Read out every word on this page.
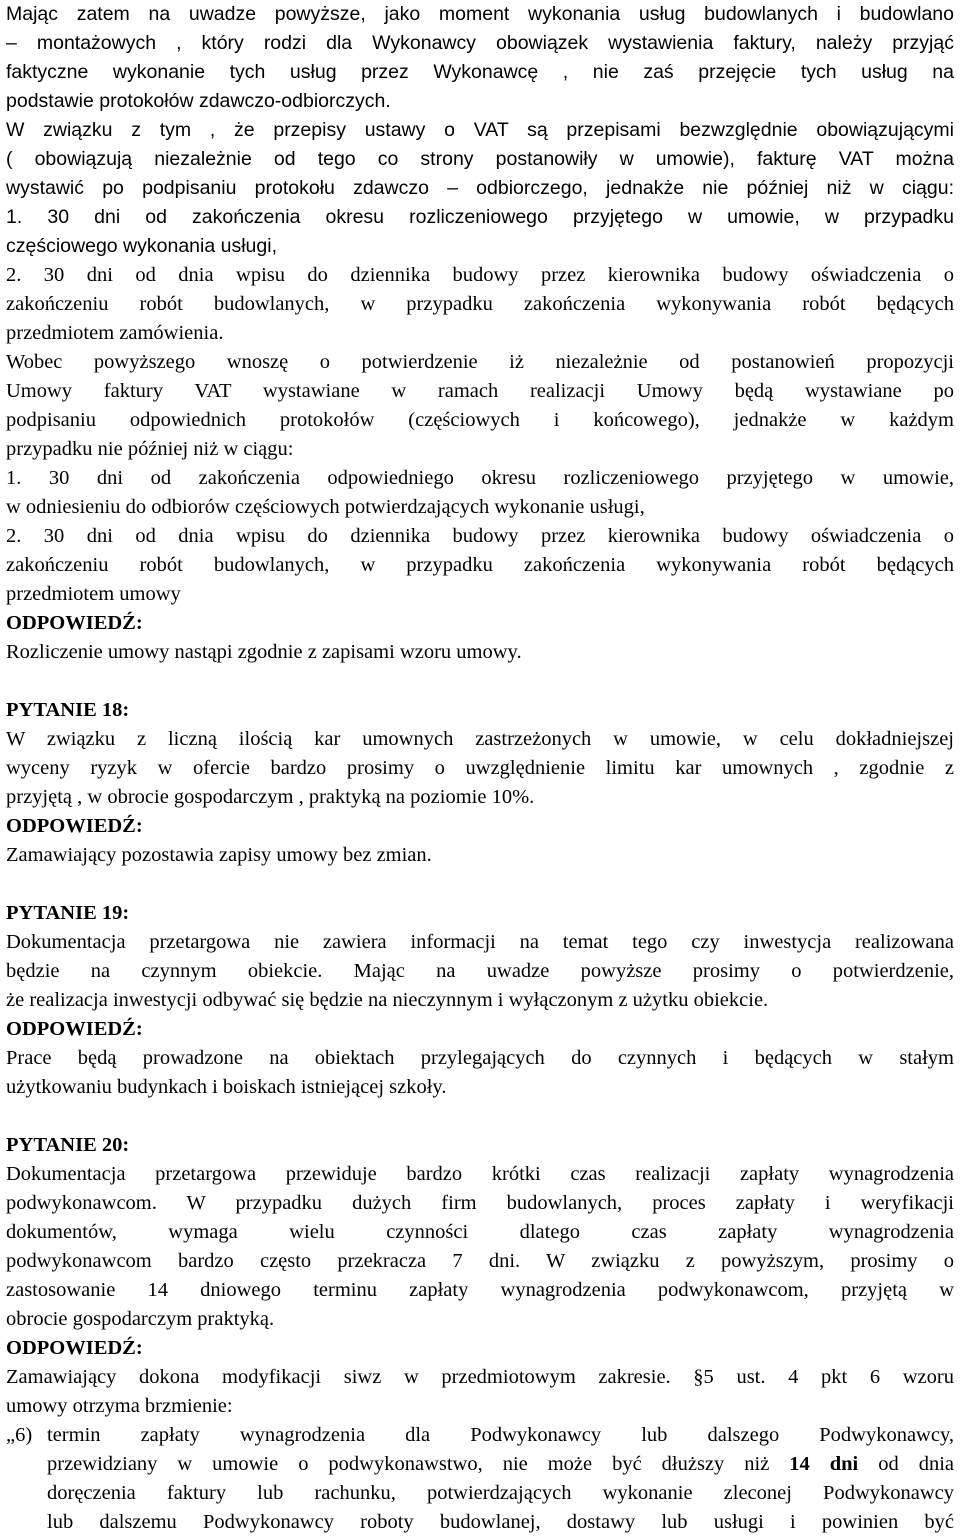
Mając zatem na uwadze powyższe, jako moment wykonania usług budowlanych i budowlano
– montażowych , który rodzi dla Wykonawcy obowiązek wystawienia faktury, należy przyjąć
faktyczne wykonanie tych usług przez Wykonawcę , nie zaś przejęcie tych usług na
podstawie protokołów zdawczo-odbiorczych.
W związku z tym , że przepisy ustawy o VAT są przepisami bezwzględnie obowiązującymi
( obowiązują niezależnie od tego co strony postanowiły w umowie), fakturę VAT można
wystawić po podpisaniu protokołu zdawczo – odbiorczego, jednakże nie później niż w ciągu:
1. 30 dni od zakończenia okresu rozliczeniowego przyjętego w umowie, w przypadku
częściowego wykonania usługi,
2. 30 dni od dnia wpisu do dziennika budowy przez kierownika budowy oświadczenia o
zakończeniu robót budowlanych, w przypadku zakończenia wykonywania robót będących
przedmiotem zamówienia.
Wobec powyższego wnoszę o potwierdzenie iż niezależnie od postanowień propozycji
Umowy faktury VAT wystawiane w ramach realizacji Umowy będą wystawiane po
podpisaniu odpowiednich protokołów (częściowych i końcowego), jednakże w każdym
przypadku nie później niż w ciągu:
1. 30 dni od zakończenia odpowiedniego okresu rozliczeniowego przyjętego w umowie,
w odniesieniu do odbiorów częściowych potwierdzających wykonanie usługi,
2. 30 dni od dnia wpisu do dziennika budowy przez kierownika budowy oświadczenia o
zakończeniu robót budowlanych, w przypadku zakończenia wykonywania robót będących
przedmiotem umowy
ODPOWIEDŹ:
Rozliczenie umowy nastąpi zgodnie z zapisami wzoru umowy.
PYTANIE 18:
W związku z liczną ilością kar umownych zastrzeżonych w umowie, w celu dokładniejszej
wyceny ryzyk w ofercie bardzo prosimy o uwzględnienie limitu kar umownych , zgodnie z
przyjętą , w obrocie gospodarczym , praktyką na poziomie 10%.
ODPOWIEDŹ:
Zamawiający pozostawia zapisy umowy bez zmian.
PYTANIE 19:
Dokumentacja przetargowa nie zawiera informacji na temat tego czy inwestycja realizowana
będzie na czynnym obiekcie. Mając na uwadze powyższe prosimy o potwierdzenie,
że realizacja inwestycji odbywać się będzie na nieczynnym i wyłączonym z użytku obiekcie.
ODPOWIEDŹ:
Prace będą prowadzone na obiektach przylegających do czynnych i będących w stałym
użytkowaniu budynkach i boiskach istniejącej szkoły.
PYTANIE 20:
Dokumentacja przetargowa przewiduje bardzo krótki czas realizacji zapłaty wynagrodzenia
podwykonawcom. W przypadku dużych firm budowlanych, proces zapłaty i weryfikacji
dokumentów, wymaga wielu czynności dlatego czas zapłaty wynagrodzenia
podwykonawcom bardzo często przekracza 7 dni. W związku z powyższym, prosimy o
zastosowanie 14 dniowego terminu zapłaty wynagrodzenia podwykonawcom, przyjętą w
obrocie gospodarczym praktyką.
ODPOWIEDŹ:
Zamawiający dokona modyfikacji siwz w przedmiotowym zakresie. §5 ust. 4 pkt 6 wzoru
umowy otrzyma brzmienie:
„6) termin zapłaty wynagrodzenia dla Podwykonawcy lub dalszego Podwykonawcy,
przewidziany w umowie o podwykonawstwo, nie może być dłuższy niż 14 dni od dnia
doręczenia faktury lub rachunku, potwierdzających wykonanie zleconej Podwykonawcy
lub dalszemu Podwykonawcy roboty budowlanej, dostawy lub usługi i powinien być
